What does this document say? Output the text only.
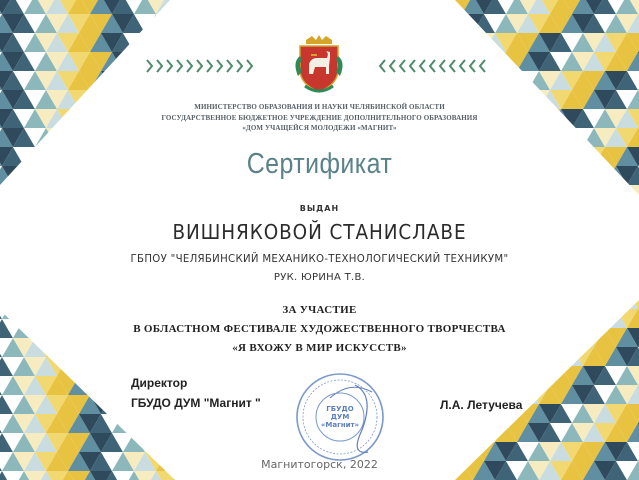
ГБУДО
ДУМ
«Магнит»
МИНИСТЕРСТВО ОБРАЗОВАНИЯ И НАУКИ ЧЕЛЯБИНСКОЙ ОБЛАСТИ
ГОСУДАРСТВЕННОЕ БЮДЖЕТНОЕ УЧРЕЖДЕНИЕ ДОПОЛНИТЕЛЬНОГО ОБРАЗОВАНИЯ
«ДОМ УЧАЩЕЙСЯ МОЛОДЕЖИ «МАГНИТ»
Сертификат
ВЫДАН
ВИШНЯКОВОЙ СТАНИСЛАВЕ
ГБПОУ "ЧЕЛЯБИНСКИЙ МЕХАНИКО-ТЕХНОЛОГИЧЕСКИЙ ТЕХНИКУМ"
РУК. ЮРИНА Т.В.
ЗА УЧАСТИЕ
В ОБЛАСТНОМ ФЕСТИВАЛЕ ХУДОЖЕСТВЕННОГО ТВОРЧЕСТВА
«Я ВХОЖУ В МИР ИСКУССТВ»
Директор
ГБУДО ДУМ "Магнит "	Л.А. Летучева
Магнитогорск, 2022
